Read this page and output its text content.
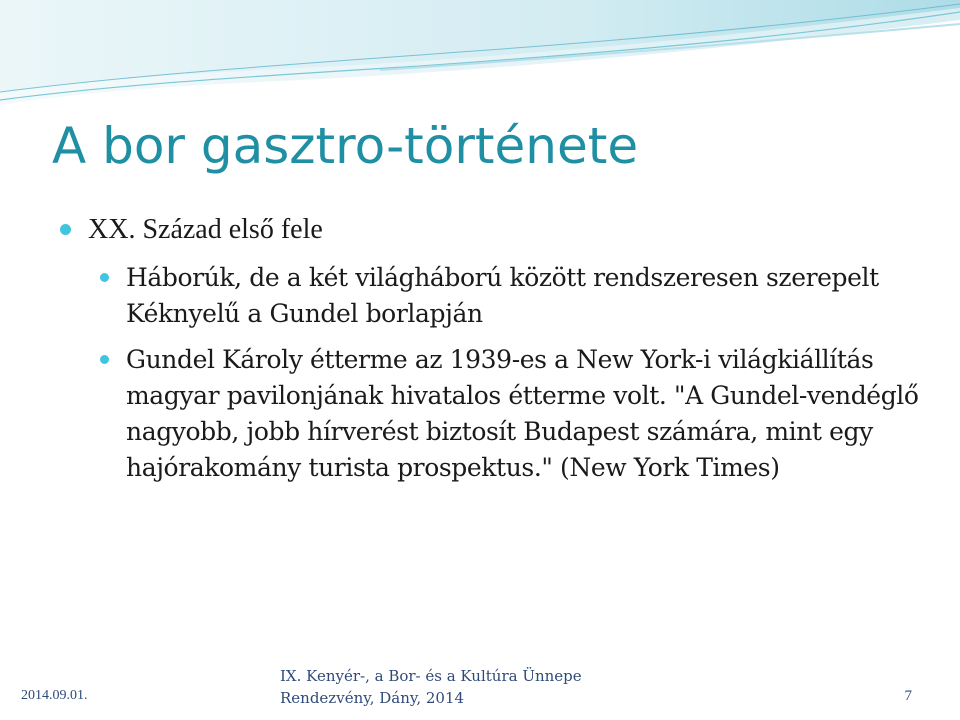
A bor gasztro-története
XX. Század első fele
Háborúk, de a két világháború között rendszeresen szerepelt Kéknyelű a Gundel borlapján
Gundel Károly étterme az 1939-es a New York-i világkiállítás magyar pavilonjának hivatalos étterme volt. "A Gundel-vendéglő nagyobb, jobb hírverést biztosít Budapest számára, mint egy hajórakomány turista prospektus." (New York Times)
2014.09.01.
IX. Kenyér-, a Bor- és a Kultúra Ünnepe
Rendezvény, Dány, 2014	7
